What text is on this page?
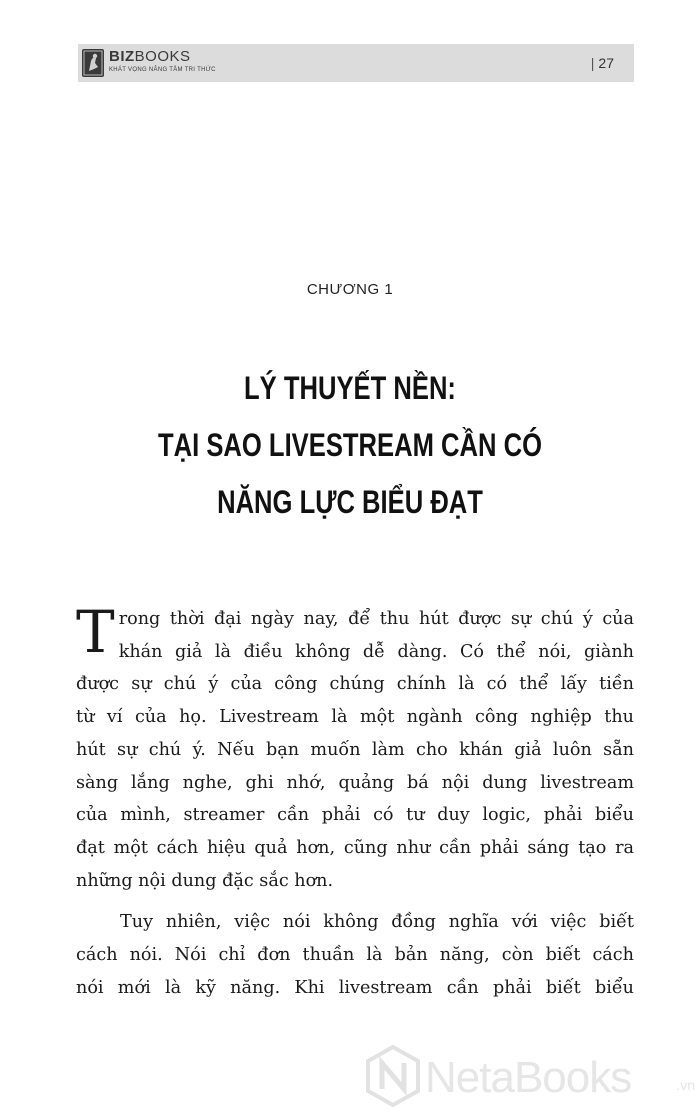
BIZBOOKS
KHÁT VỌNG NÂNG TẦM TRI THỨC	| 27
CHƯƠNG 1
LÝ THUYẾT NỀN:
TẠI SAO LIVESTREAM CẦN CÓ
NĂNG LỰC BIỂU ĐẠT
T rong thời đại ngày nay, để thu hút được sự chú ý của
khán giả là điều không dễ dàng. Có thể nói, giành
được sự chú ý của công chúng chính là có thể lấy tiền
từ ví của họ. Livestream là một ngành công nghiệp thu
hút sự chú ý. Nếu bạn muốn làm cho khán giả luôn sẵn
sàng lắng nghe, ghi nhớ, quảng bá nội dung livestream
của mình, streamer cần phải có tư duy logic, phải biểu
đạt một cách hiệu quả hơn, cũng như cần phải sáng tạo ra
những nội dung đặc sắc hơn.
Tuy nhiên, việc nói không đồng nghĩa với việc biết
cách nói. Nói chỉ đơn thuần là bản năng, còn biết cách
nói mới là kỹ năng. Khi livestream cần phải biết biểu
NetaBooks	.vn
